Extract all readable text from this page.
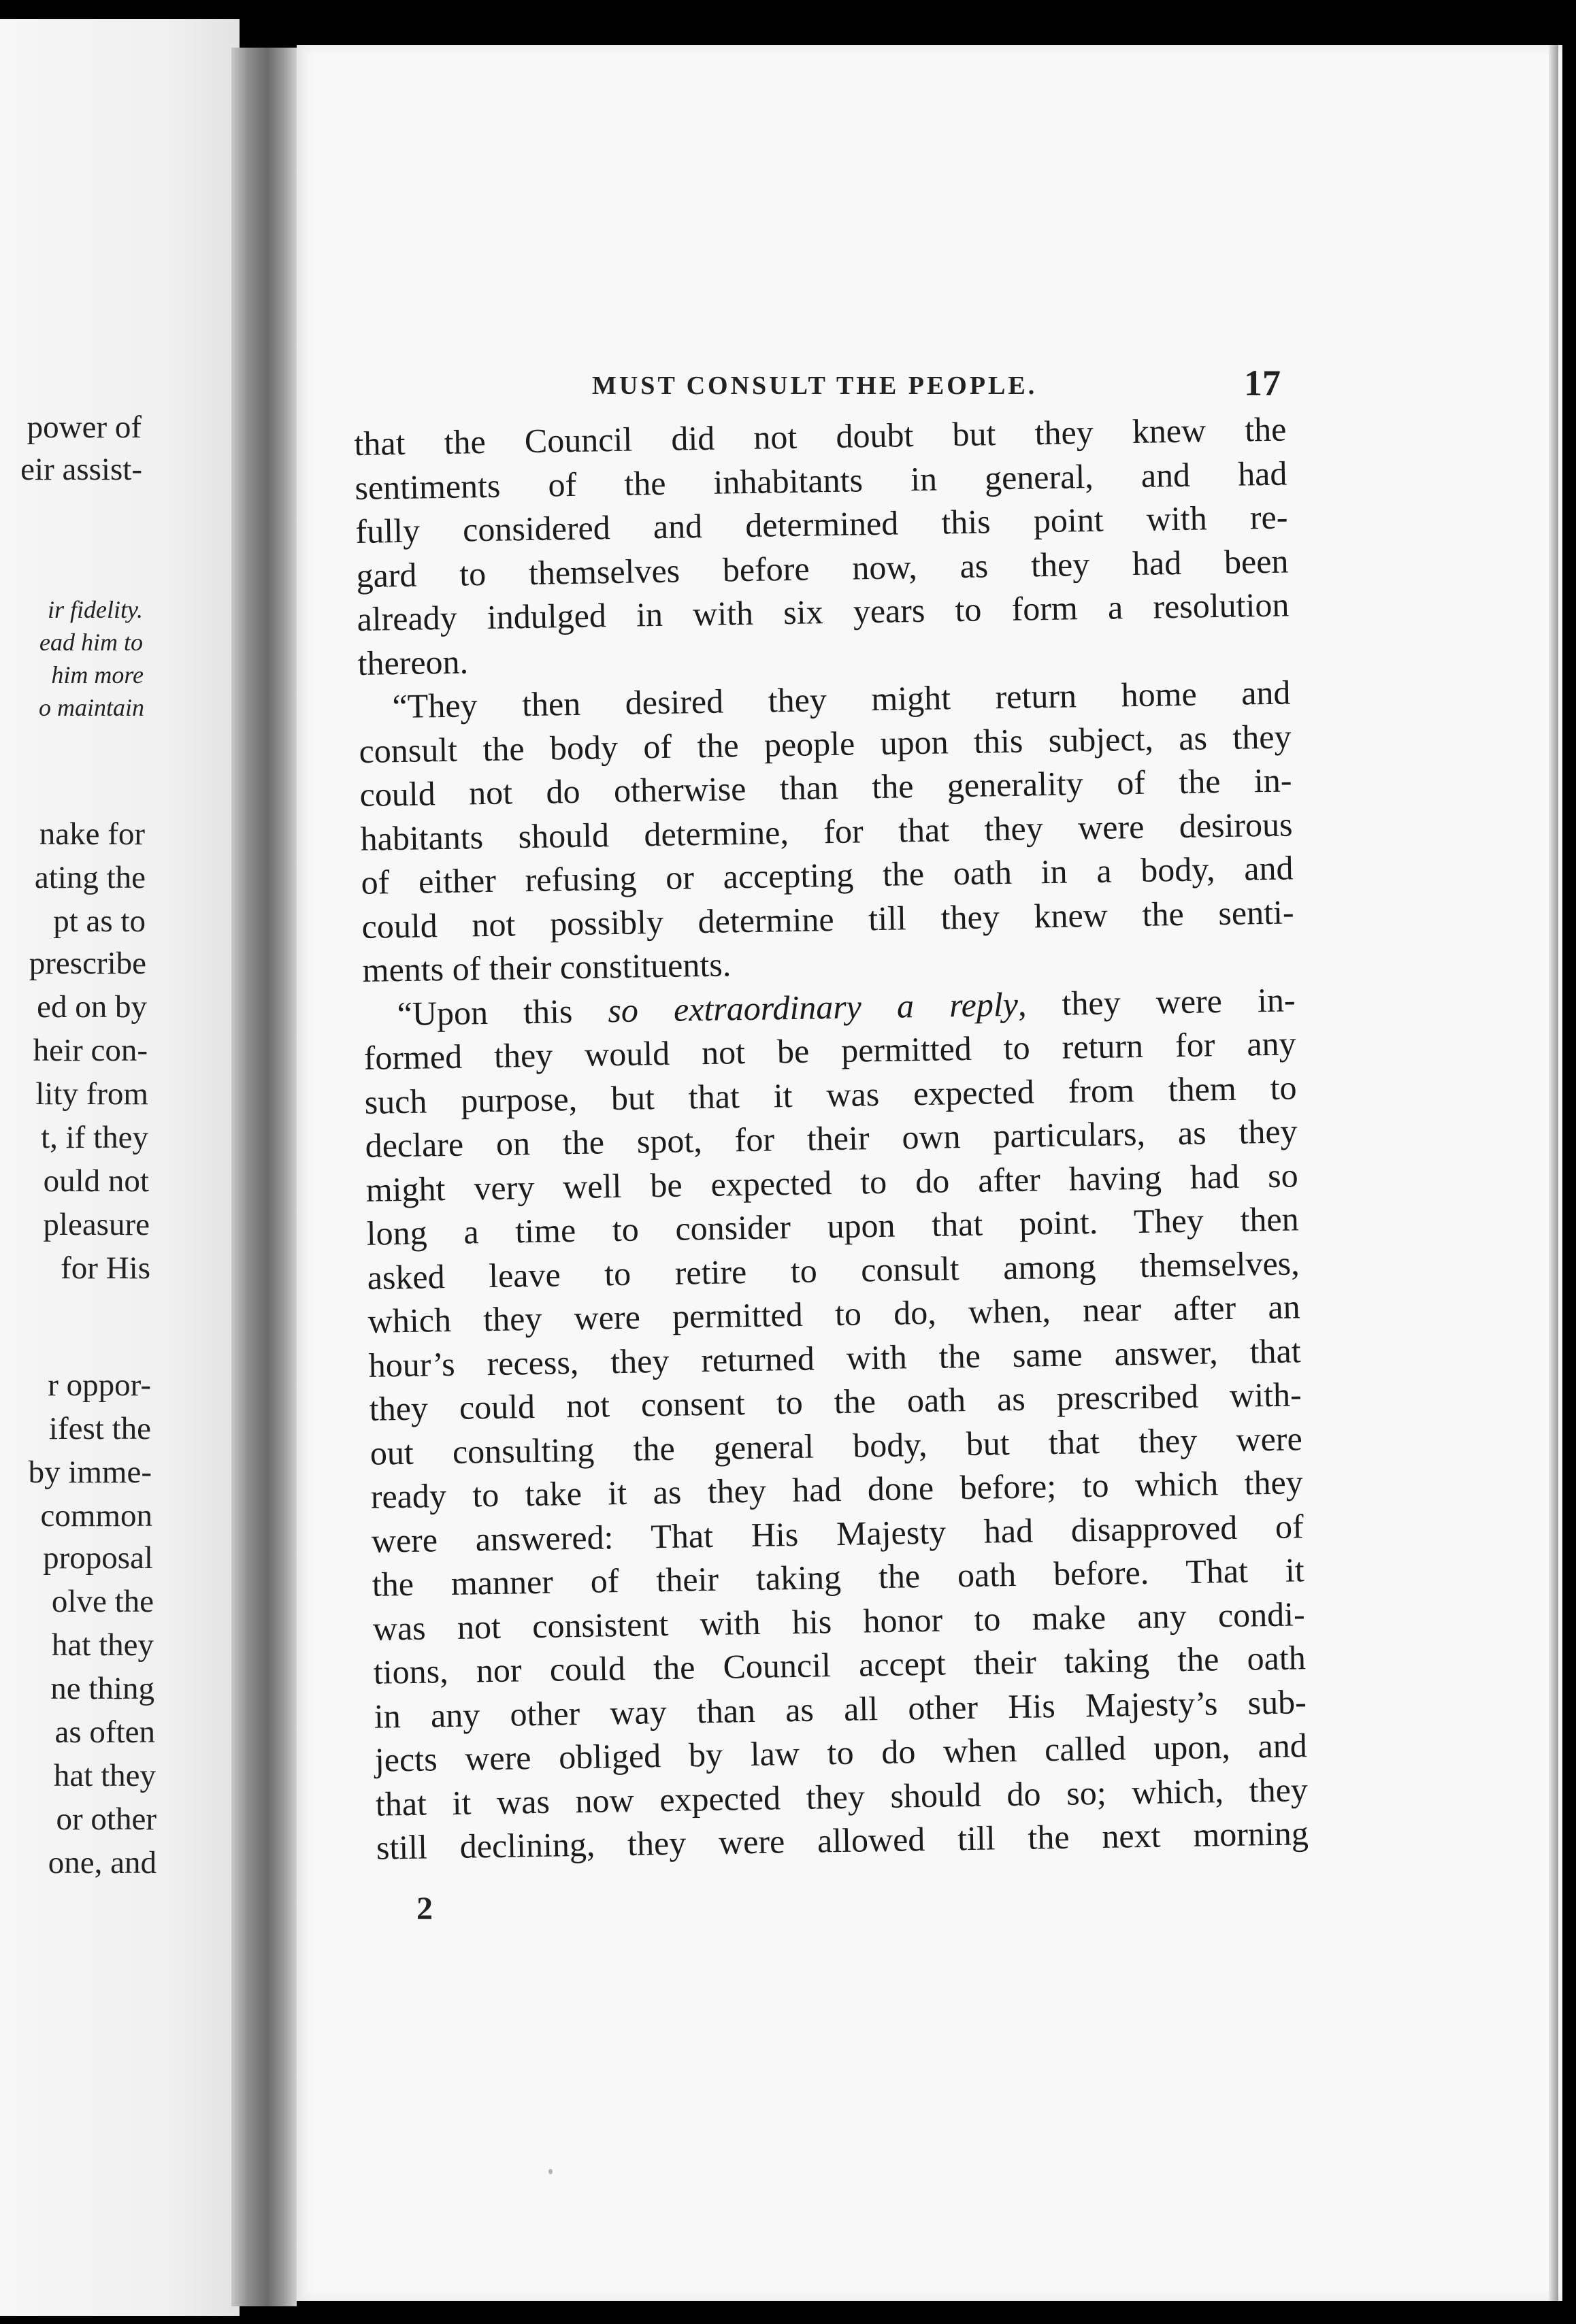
power of
eir assist-
ir fidelity.
ead him to
him more
o maintain
nake for
ating the
pt as to
prescribe
ed on by
heir con-
lity from
t, if they
ould not
pleasure
for His
r oppor-
ifest the
by imme-
common
proposal
olve the
hat they
ne thing
as often
hat they
or other
one, and
MUST CONSULT THE PEOPLE.	17
that the Council did not doubt but they knew the
sentiments of the inhabitants in general, and had
fully considered and determined this point with re-
gard to themselves before now, as they had been
already indulged in with six years to form a resolution
thereon.
“They then desired they might return home and
consult the body of the people upon this subject, as they
could not do otherwise than the generality of the in-
habitants should determine, for that they were desirous
of either refusing or accepting the oath in a body, and
could not possibly determine till they knew the senti-
ments of their constituents.
“Upon this so extraordinary a reply, they were in-
formed they would not be permitted to return for any
such purpose, but that it was expected from them to
declare on the spot, for their own particulars, as they
might very well be expected to do after having had so
long a time to consider upon that point. They then
asked leave to retire to consult among themselves,
which they were permitted to do, when, near after an
hour’s recess, they returned with the same answer, that
they could not consent to the oath as prescribed with-
out consulting the general body, but that they were
ready to take it as they had done before; to which they
were answered: That His Majesty had disapproved of
the manner of their taking the oath before. That it
was not consistent with his honor to make any condi-
tions, nor could the Council accept their taking the oath
in any other way than as all other His Majesty’s sub-
jects were obliged by law to do when called upon, and
that it was now expected they should do so; which, they
still declining, they were allowed till the next morning
2
